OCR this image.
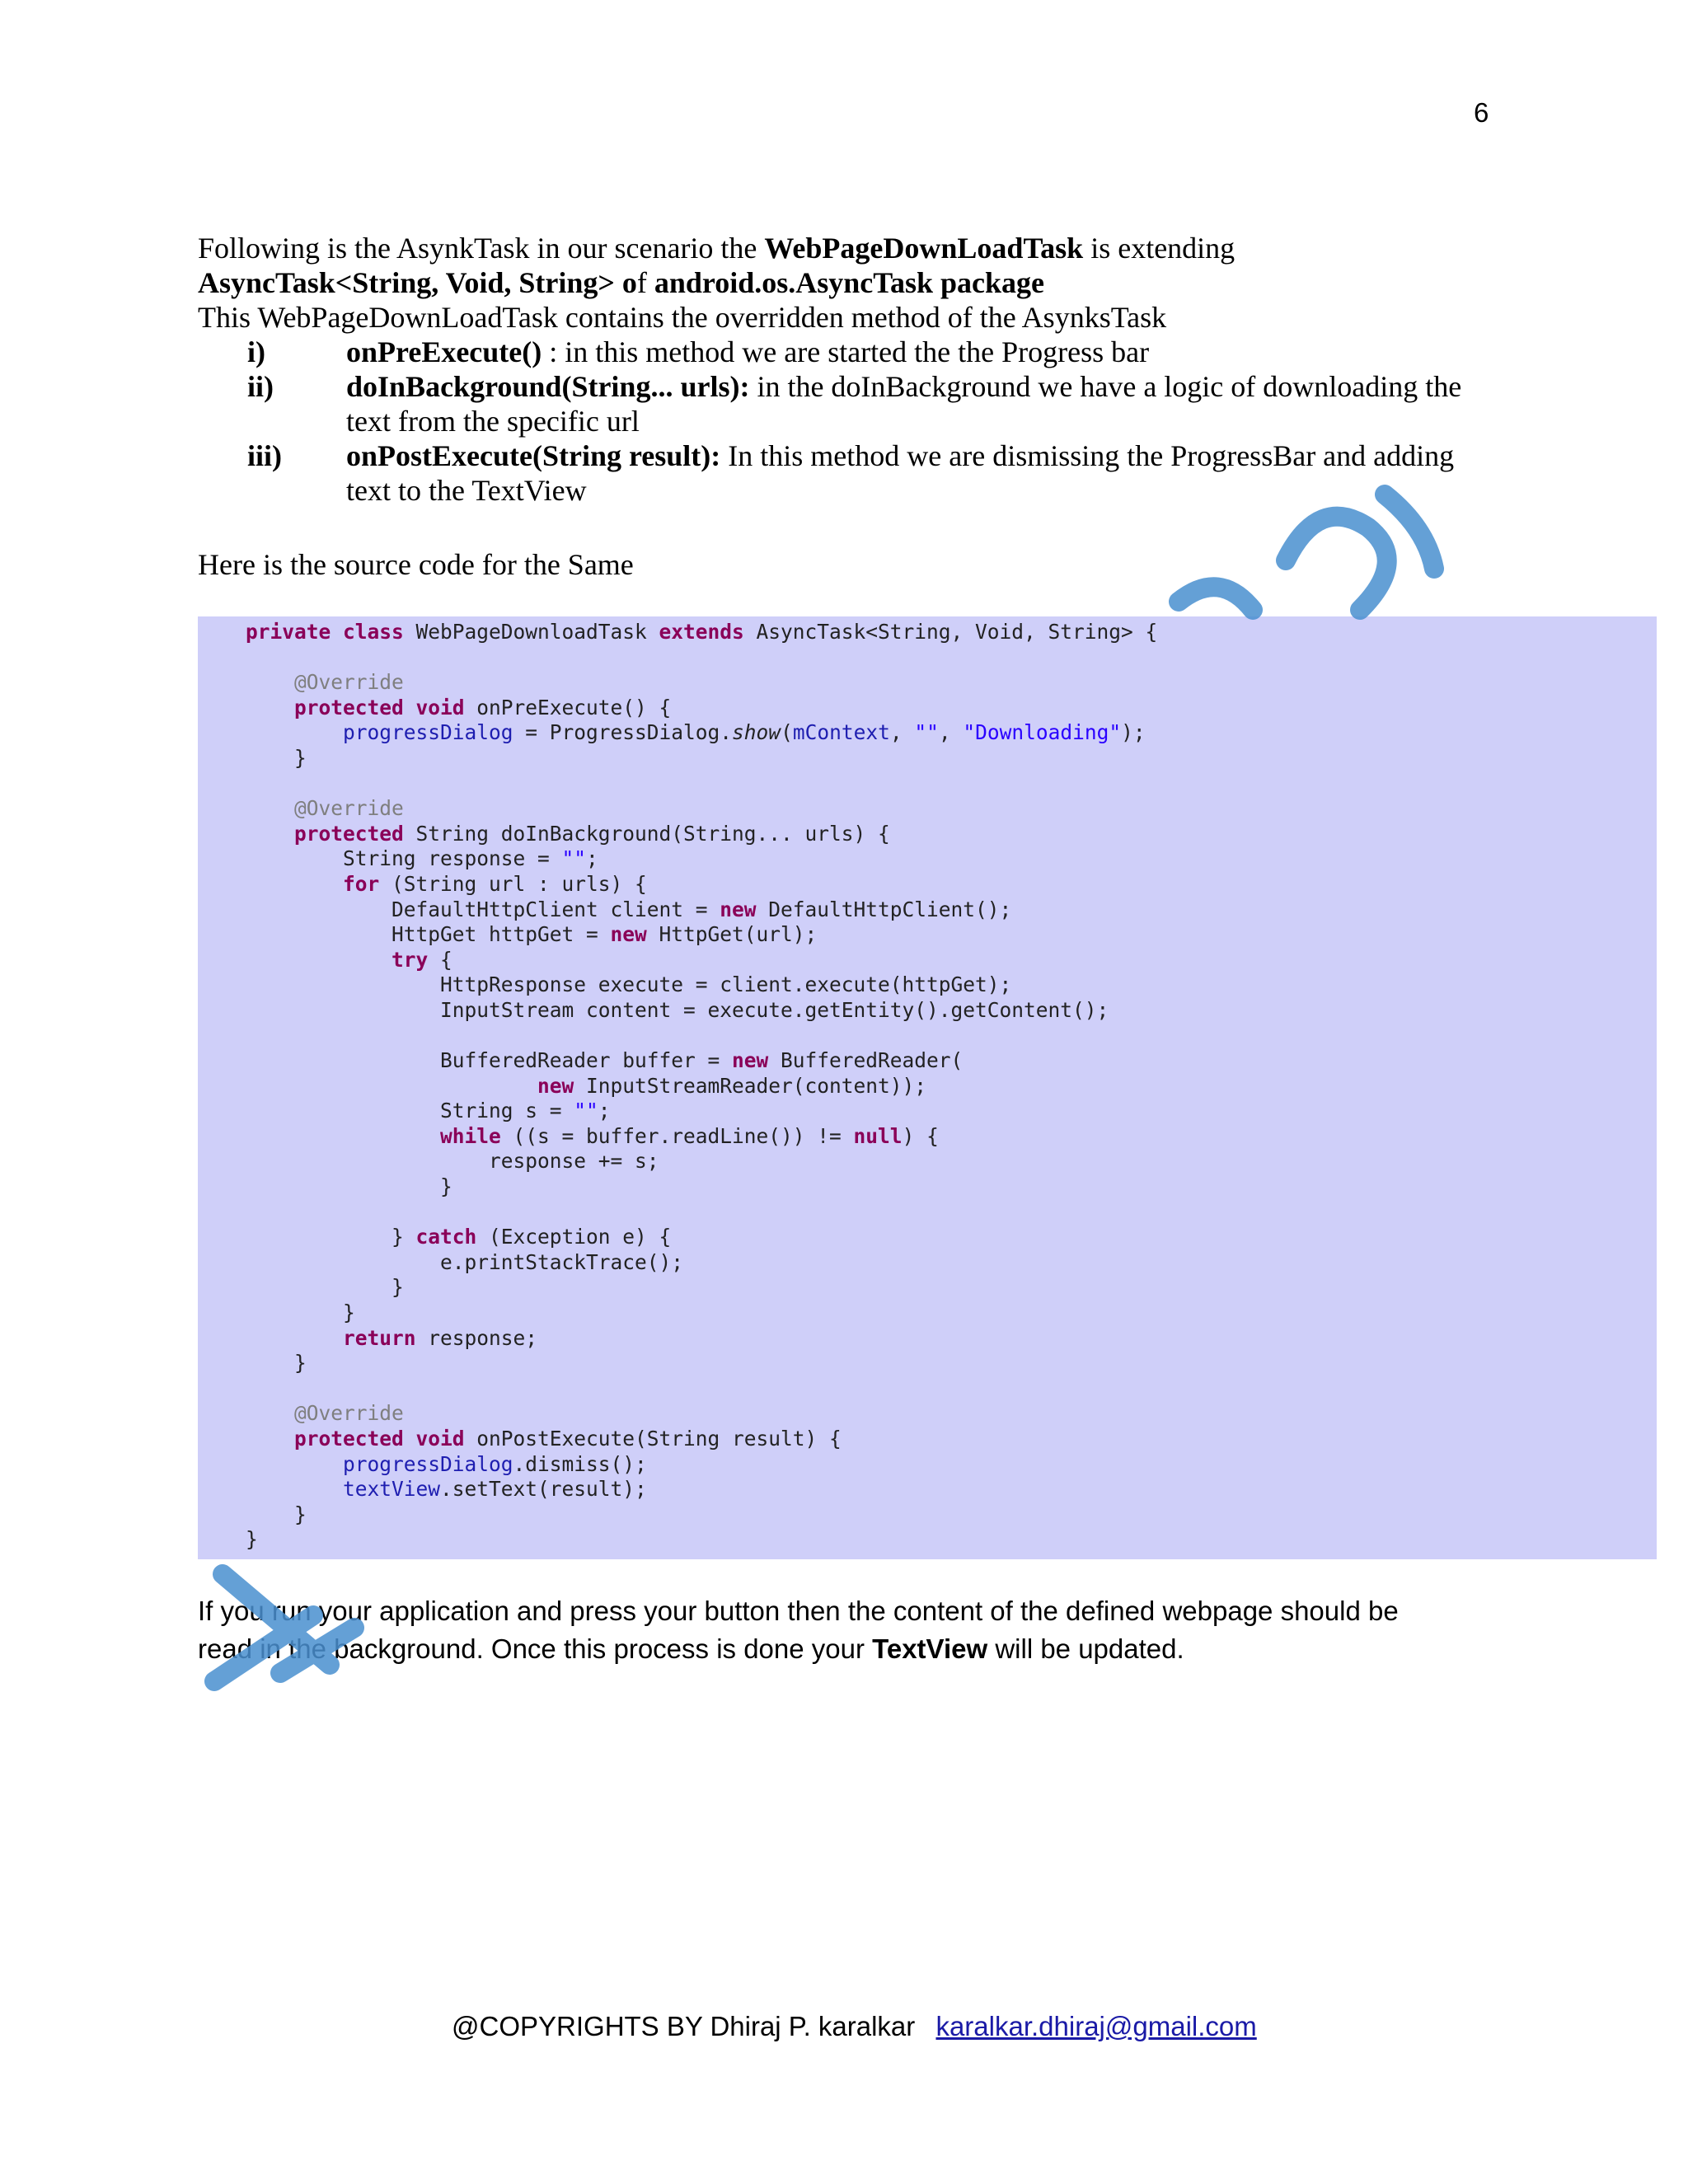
6

Following is the AsynkTask in our scenario the WebPageDownLoadTask is extending

AsyncTask<String, Void, String> of android.os.AsyncTask package

This WebPageDownLoadTask contains the overridden method of the AsynksTask

i)	onPreExecute() : in this method we are started the the Progress bar
ii) doInBackground(String... urls): in the doInBackground we have a logic of downloading the text from the specific url
iii) onPostExecute(String result): In this method we are dismissing the ProgressBar and adding text to the TextView
Here is the source code for the Same
private class WebPageDownloadTask extends AsyncTask<String, Void, String> {

@Override
protected void onPreExecute() {
progressDialog = ProgressDialog.show(mContext, "", "Downloading");
}

@Override
protected String doInBackground(String... urls) {
String response = "";
for (String url : urls) {
DefaultHttpClient client = new DefaultHttpClient();
HttpGet httpGet = new HttpGet(url);
try {
HttpResponse execute = client.execute(httpGet);
InputStream content = execute.getEntity().getContent();

BufferedReader buffer = new BufferedReader(
new InputStreamReader(content));
String s = "";
while ((s = buffer.readLine()) != null) {
response += s;
}

} catch (Exception e) {
e.printStackTrace();
}
}
return response;
}

@Override
protected void onPostExecute(String result) {
progressDialog.dismiss();
textView.setText(result);
}
}

If you run your application and press your button then the content of the defined webpage should be

read in the background. Once this process is done your TextView will be updated.

@COPYRIGHTS BY Dhiraj P. karalkar karalkar.dhiraj@gmail.com
